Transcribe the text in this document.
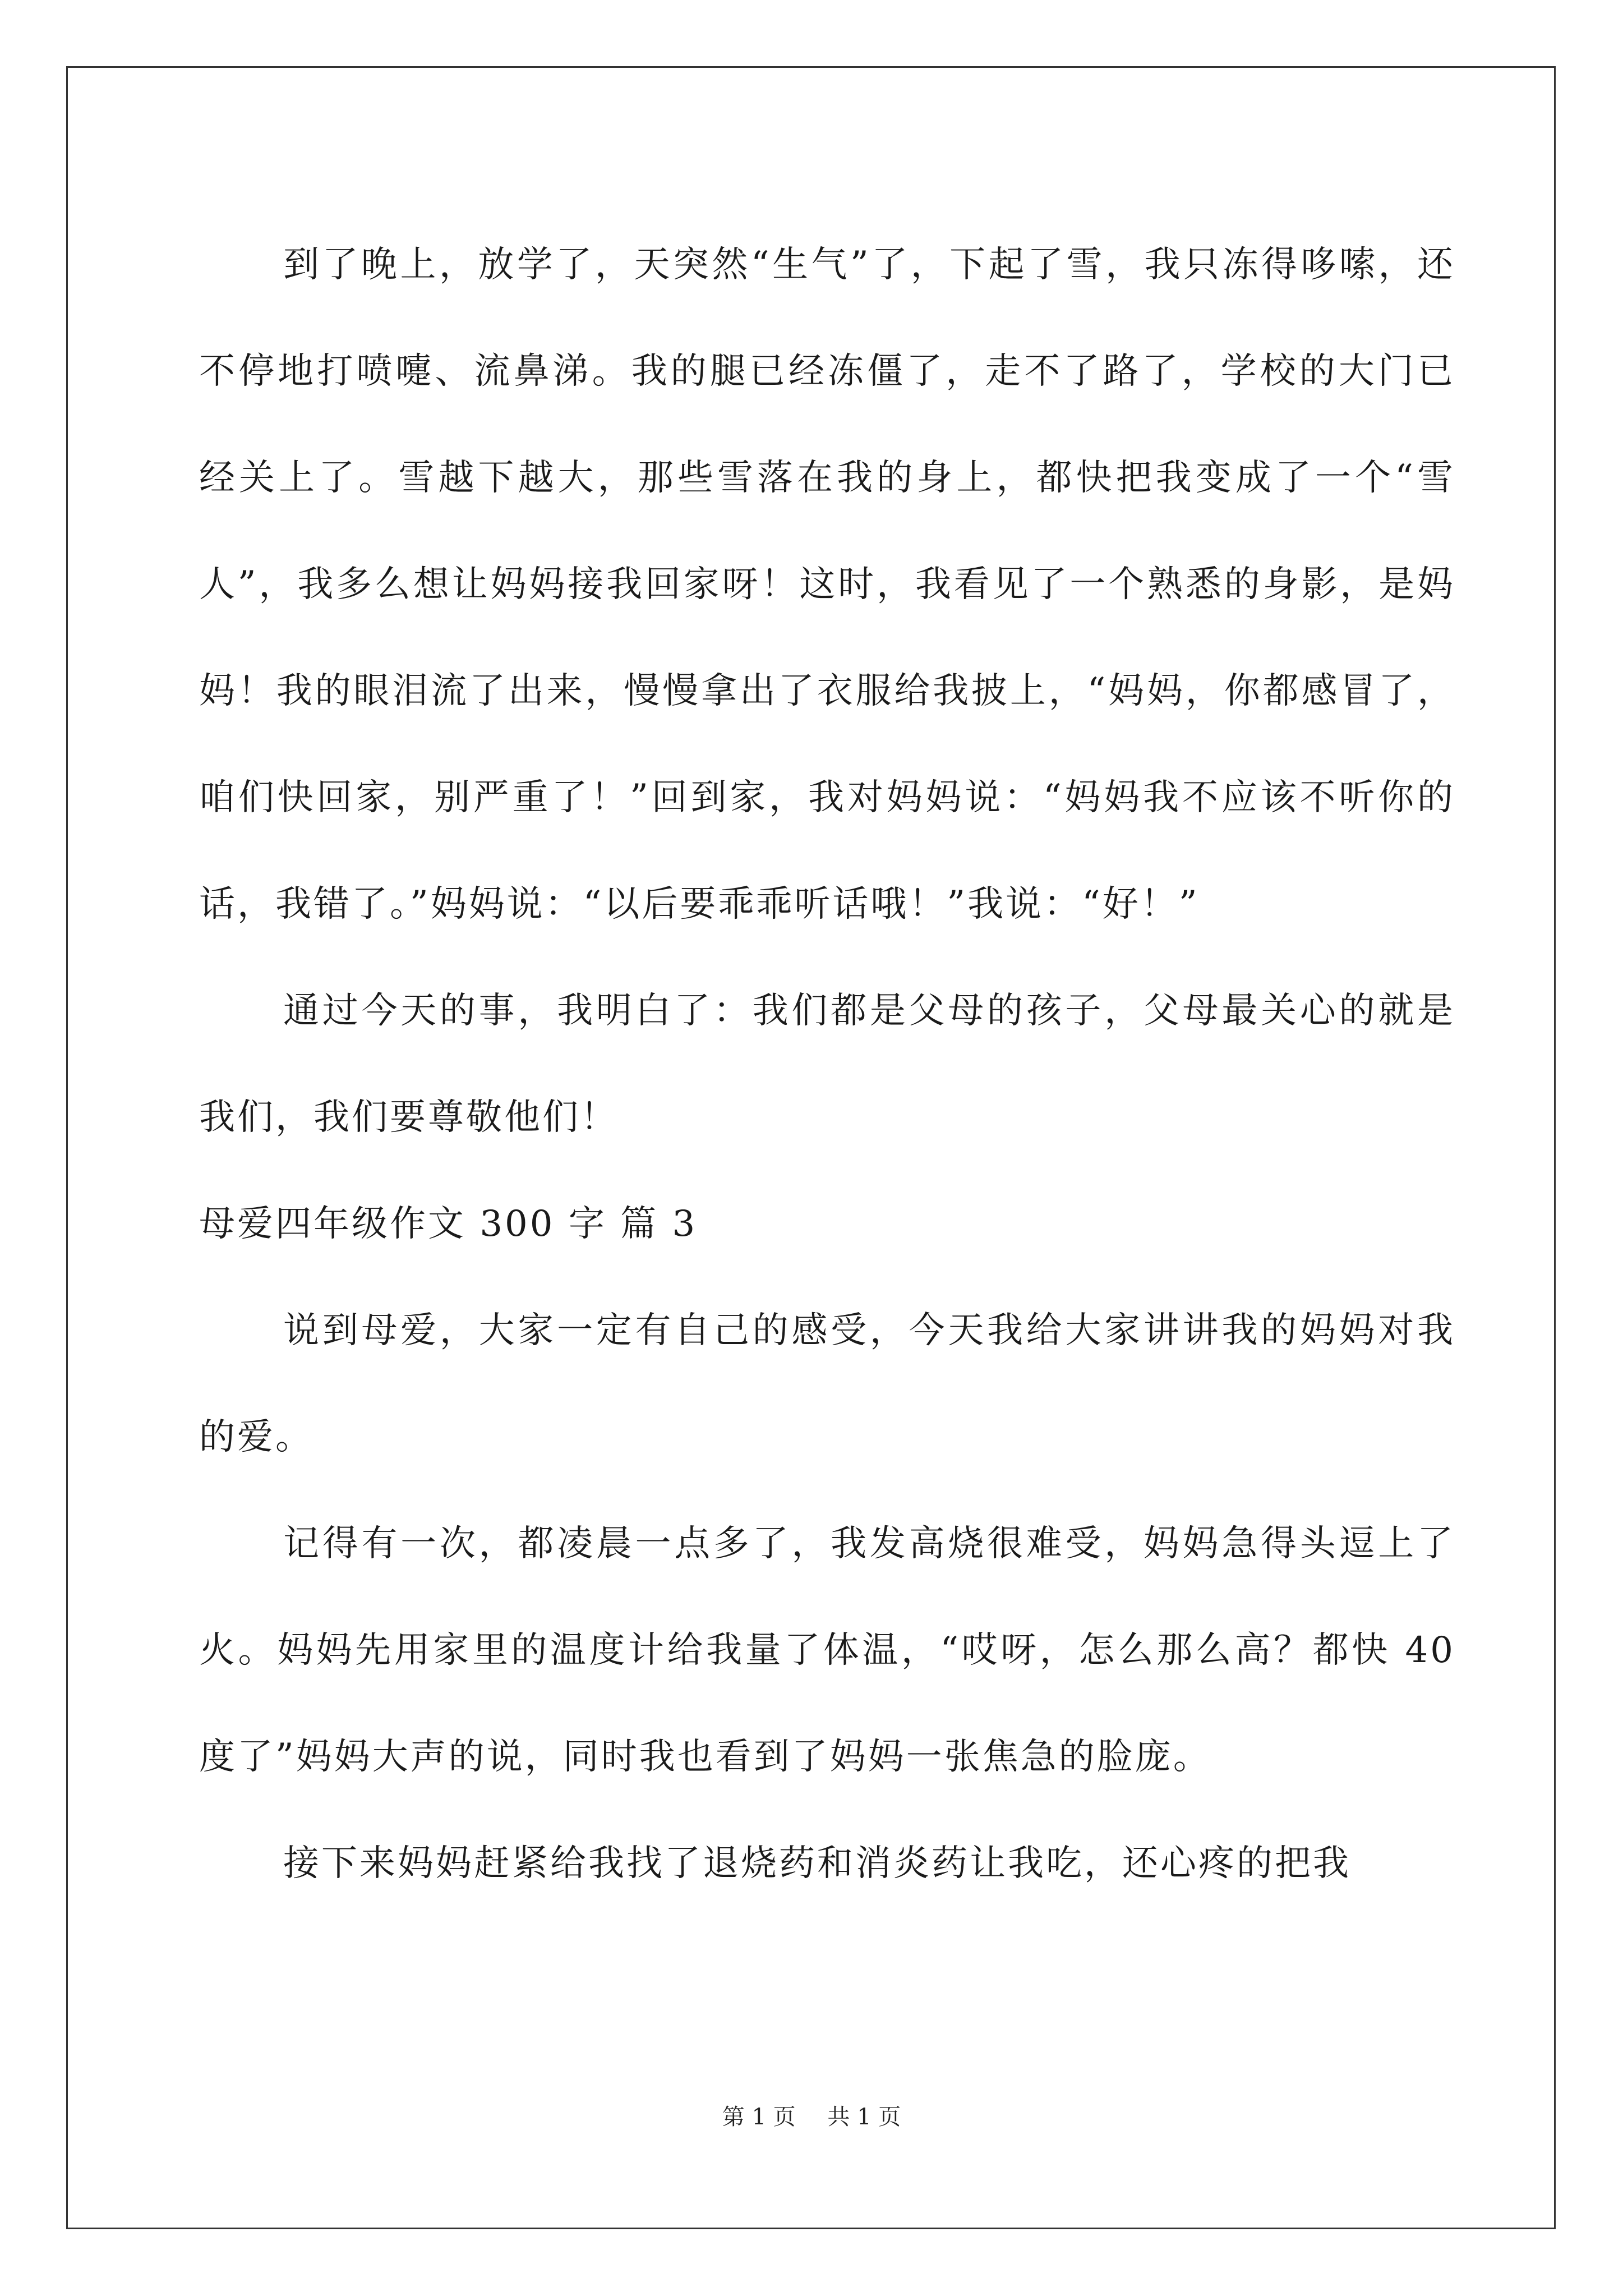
到了晚上，放学了，天突然“生气”了，下起了雪，我只冻得哆嗦，还不停地打喷嚏、流鼻涕。我的腿已经冻僵了，走不了路了，学校的大门已经关上了。雪越下越大，那些雪落在我的身上，都快把我变成了一个“雪人”，我多么想让妈妈接我回家呀！这时，我看见了一个熟悉的身影，是妈妈！我的眼泪流了出来，慢慢拿出了衣服给我披上，“妈妈，你都感冒了，咱们快回家，别严重了！”回到家，我对妈妈说：“妈妈我不应该不听你的话，我错了。”妈妈说：“以后要乖乖听话哦！”我说：“好！”

通过今天的事，我明白了：我们都是父母的孩子，父母最关心的就是我们，我们要尊敬他们！

母爱四年级作文 300 字 篇 3

说到母爱，大家一定有自己的感受，今天我给大家讲讲我的妈妈对我的爱。

记得有一次，都凌晨一点多了，我发高烧很难受，妈妈急得头逗上了火。妈妈先用家里的温度计给我量了体温，“哎呀，怎么那么高？都快 40 度了”妈妈大声的说，同时我也看到了妈妈一张焦急的脸庞。

接下来妈妈赶紧给我找了退烧药和消炎药让我吃，还心疼的把我

第 1 页 共 1 页
